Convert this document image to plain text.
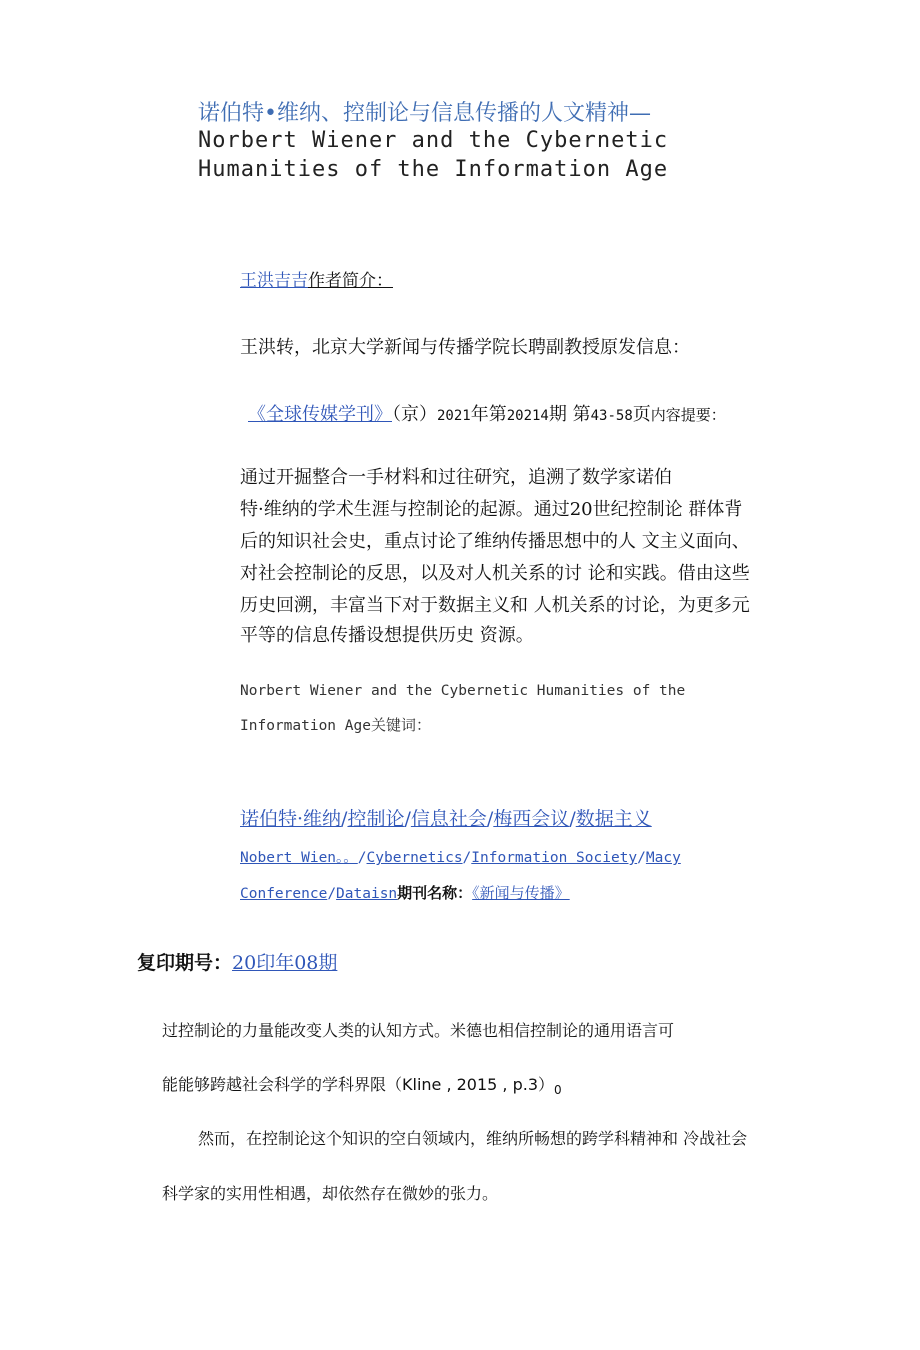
诺伯特•维纳、控制论与信息传播的人文精神—
Norbert Wiener and the Cybernetic
Humanities of the Information Age
王洪吉吉作者简介：
王洪转，北京大学新闻与传播学院长聘副教授原发信息：
《全球传媒学刊》（京）2021年第20214期 第43-58页内容提要：
通过开掘整合一手材料和过往研究，追溯了数学家诺伯
特·维纳的学术生涯与控制论的起源。通过20世纪控制论 群体背
后的知识社会史，重点讨论了维纳传播思想中的人 文主义面向、
对社会控制论的反思，以及对人机关系的讨 论和实践。借由这些
历史回溯，丰富当下对于数据主义和 人机关系的讨论，为更多元
平等的信息传播设想提供历史 资源。
Norbert Wiener and the Cybernetic Humanities of the
Information Age关键词：
诺伯特·维纳/控制论/信息社会/梅西会议/数据主义
Nobert Wien。。/Cybernetics/Information Society/Macy
Conference/Dataisn期刊名称：《新闻与传播》
复印期号：20印年08期
过控制论的力量能改变人类的认知方式。米德也相信控制论的通用语言可
能能够跨越社会科学的学科界限（Kline , 2015 , $p.3)_0$
然而，在控制论这个知识的空白领域内，维纳所畅想的跨学科精神和 冷战社会
科学家的实用性相遇，却依然存在微妙的张力。
